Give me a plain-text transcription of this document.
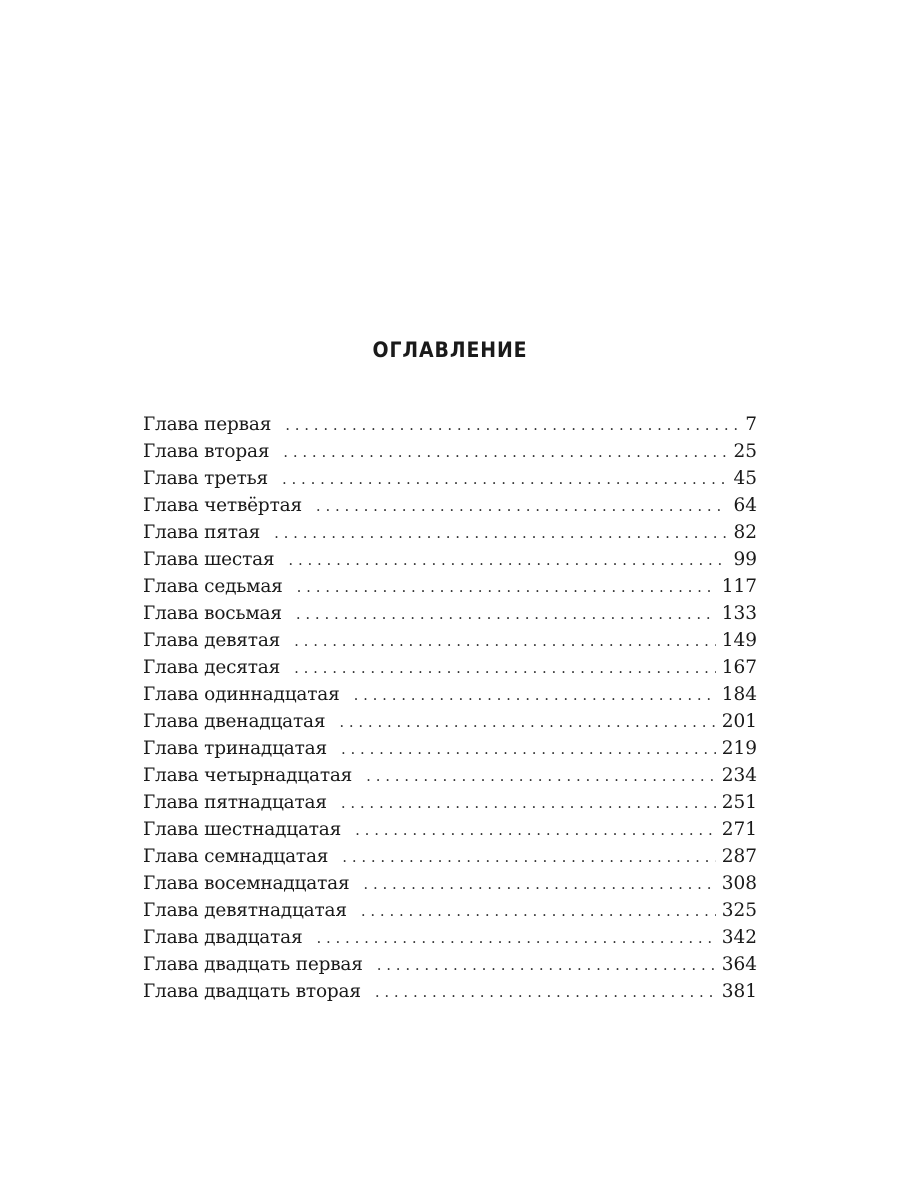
ОГЛАВЛЕНИЕ
Глава первая . . .	7
Глава вторая . . .	25
Глава третья . . .	45
Глава четвёртая . . .	64
Глава пятая . . .	82
Глава шестая . . .	99
Глава седьмая . . .	117
Глава восьмая . . .	133
Глава девятая . . .	149
Глава десятая . . .	167
Глава одиннадцатая . . .	184
Глава двенадцатая . . .	201
Глава тринадцатая . . .	219
Глава четырнадцатая . . .	234
Глава пятнадцатая . . .	251
Глава шестнадцатая . . .	271
Глава семнадцатая . . .	287
Глава восемнадцатая . . .	308
Глава девятнадцатая . . .	325
Глава двадцатая . . .	342
Глава двадцать первая . . .	364
Глава двадцать вторая . . .	381
